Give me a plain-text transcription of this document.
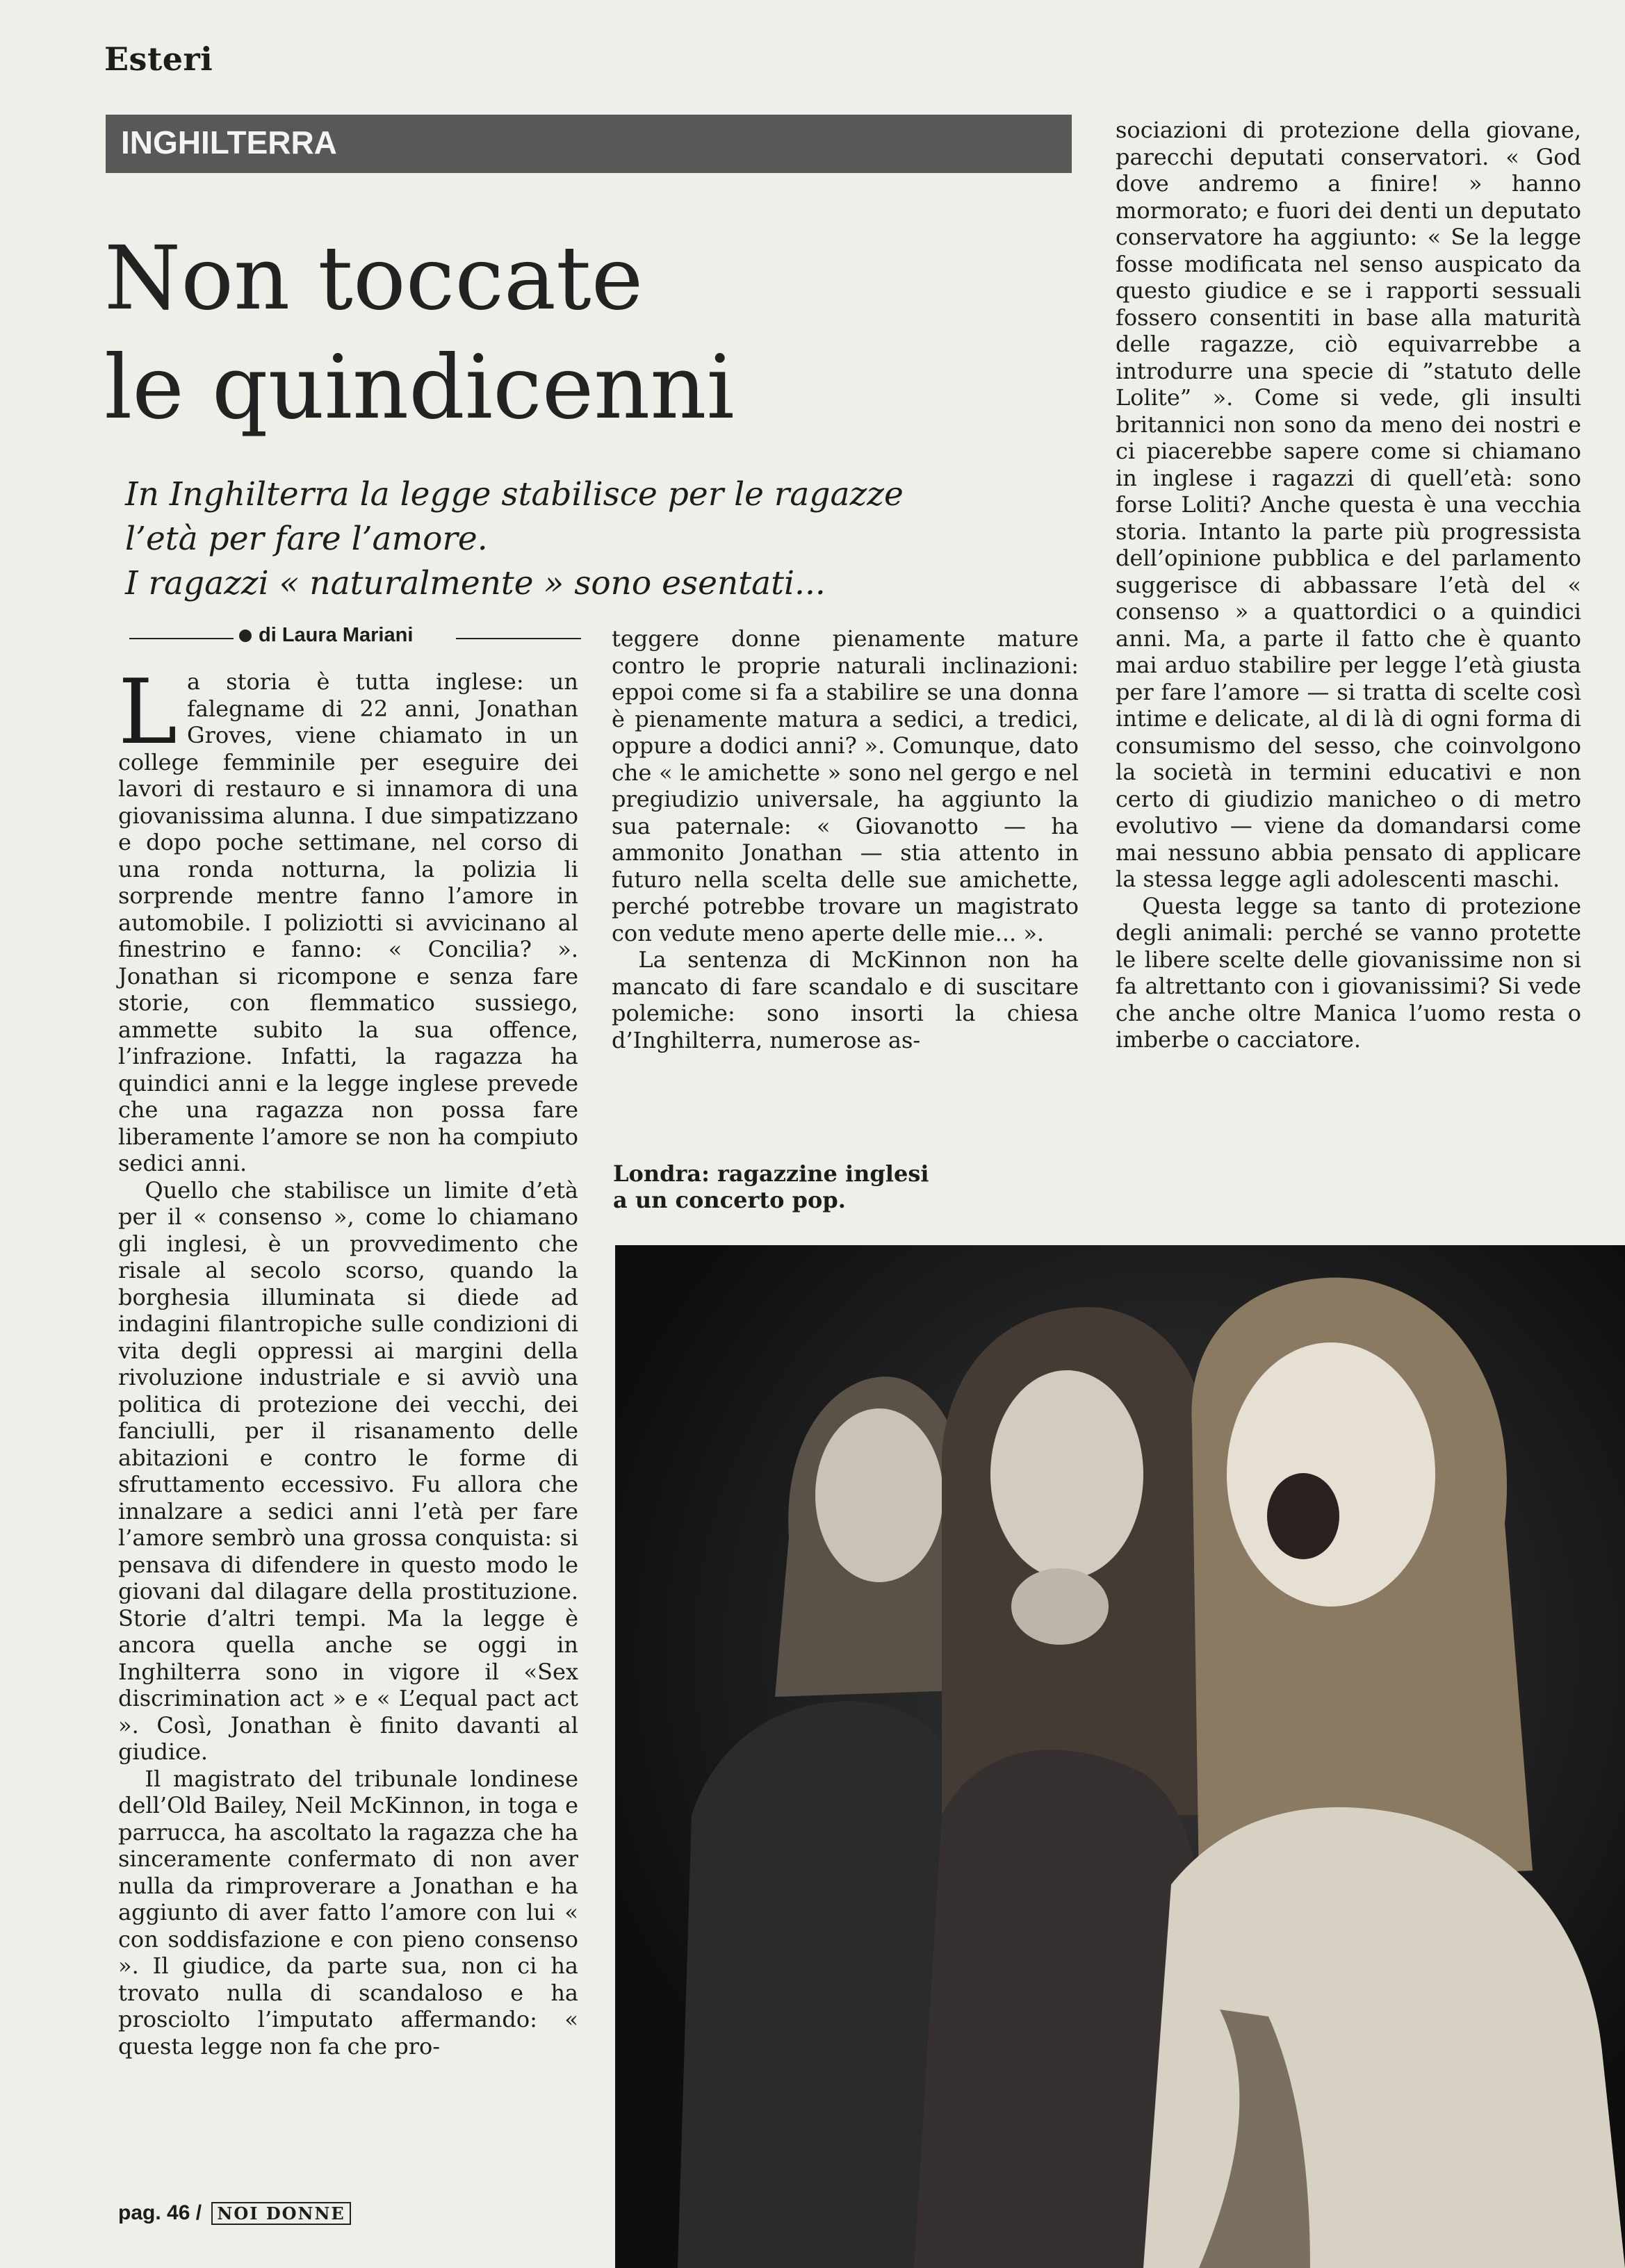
Esteri
INGHILTERRA
Non toccate
le quindicenni
In Inghilterra la legge stabilisce per le ragazze
l’età per fare l’amore.
I ragazzi « naturalmente » sono esentati...
di Laura Mariani

La storia è tutta inglese: un falegname di 22 anni, Jonathan Groves, viene chiamato in un college femminile per eseguire dei lavori di restauro e si innamora di una giovanissima alunna. I due simpatizzano e dopo poche settimane, nel corso di una ronda notturna, la polizia li sorprende mentre fanno l’amore in automobile. I poliziotti si avvicinano al finestrino e fanno: « Concilia? ». Jonathan si ricompone e senza fare storie, con flemmatico sussiego, ammette subito la sua offence, l’infrazione. Infatti, la ragazza ha quindici anni e la legge inglese prevede che una ragazza non possa fare liberamente l’amore se non ha compiuto sedici anni.

Quello che stabilisce un limite d’età per il « consenso », come lo chiamano gli inglesi, è un provvedimento che risale al secolo scorso, quando la borghesia illuminata si diede ad indagini filantropiche sulle condizioni di vita degli oppressi ai margini della rivoluzione industriale e si avviò una politica di protezione dei vecchi, dei fanciulli, per il risanamento delle abitazioni e contro le forme di sfruttamento eccessivo. Fu allora che innalzare a sedici anni l’età per fare l’amore sembrò una grossa conquista: si pensava di difendere in questo modo le giovani dal dilagare della prostituzione. Storie d’altri tempi. Ma la legge è ancora quella anche se oggi in Inghilterra sono in vigore il «Sex discrimination act » e « L’equal pact act ». Così, Jonathan è finito davanti al giudice.

Il magistrato del tribunale londinese dell’Old Bailey, Neil McKinnon, in toga e parrucca, ha ascoltato la ragazza che ha sinceramente confermato di non aver nulla da rimproverare a Jonathan e ha aggiunto di aver fatto l’amore con lui « con soddisfazione e con pieno consenso ». Il giudice, da parte sua, non ci ha trovato nulla di scandaloso e ha prosciolto l’imputato affermando: « questa legge non fa che pro-

teggere donne pienamente mature contro le proprie naturali inclinazioni: eppoi come si fa a stabilire se una donna è pienamente matura a sedici, a tredici, oppure a dodici anni? ». Comunque, dato che « le amichette » sono nel gergo e nel pregiudizio universale, ha aggiunto la sua paternale: « Giovanotto — ha ammonito Jonathan — stia attento in futuro nella scelta delle sue amichette, perché potrebbe trovare un magistrato con vedute meno aperte delle mie... ».

La sentenza di McKinnon non ha mancato di fare scandalo e di suscitare polemiche: sono insorti la chiesa d’Inghilterra, numerose as-

Londra: ragazzine inglesi
a un concerto pop.

sociazioni di protezione della giovane, parecchi deputati conservatori. « God dove andremo a finire! » hanno mormorato; e fuori dei denti un deputato conservatore ha aggiunto: « Se la legge fosse modificata nel senso auspicato da questo giudice e se i rapporti sessuali fossero consentiti in base alla maturità delle ragazze, ciò equivarrebbe a introdurre una specie di ”statuto delle Lolite” ». Come si vede, gli insulti britannici non sono da meno dei nostri e ci piacerebbe sapere come si chiamano in inglese i ragazzi di quell’età: sono forse Loliti? Anche questa è una vecchia storia. Intanto la parte più progressista dell’opinione pubblica e del parlamento suggerisce di abbassare l’età del « consenso » a quattordici o a quindici anni. Ma, a parte il fatto che è quanto mai arduo stabilire per legge l’età giusta per fare l’amore — si tratta di scelte così intime e delicate, al di là di ogni forma di consumismo del sesso, che coinvolgono la società in termini educativi e non certo di giudizio manicheo o di metro evolutivo — viene da domandarsi come mai nessuno abbia pensato di applicare la stessa legge agli adolescenti maschi.

Questa legge sa tanto di protezione degli animali: perché se vanno protette le libere scelte delle giovanissime non si fa altrettanto con i giovanissimi? Si vede che anche oltre Manica l’uomo resta o imberbe o cacciatore.

pag. 46 / NOI DONNE
